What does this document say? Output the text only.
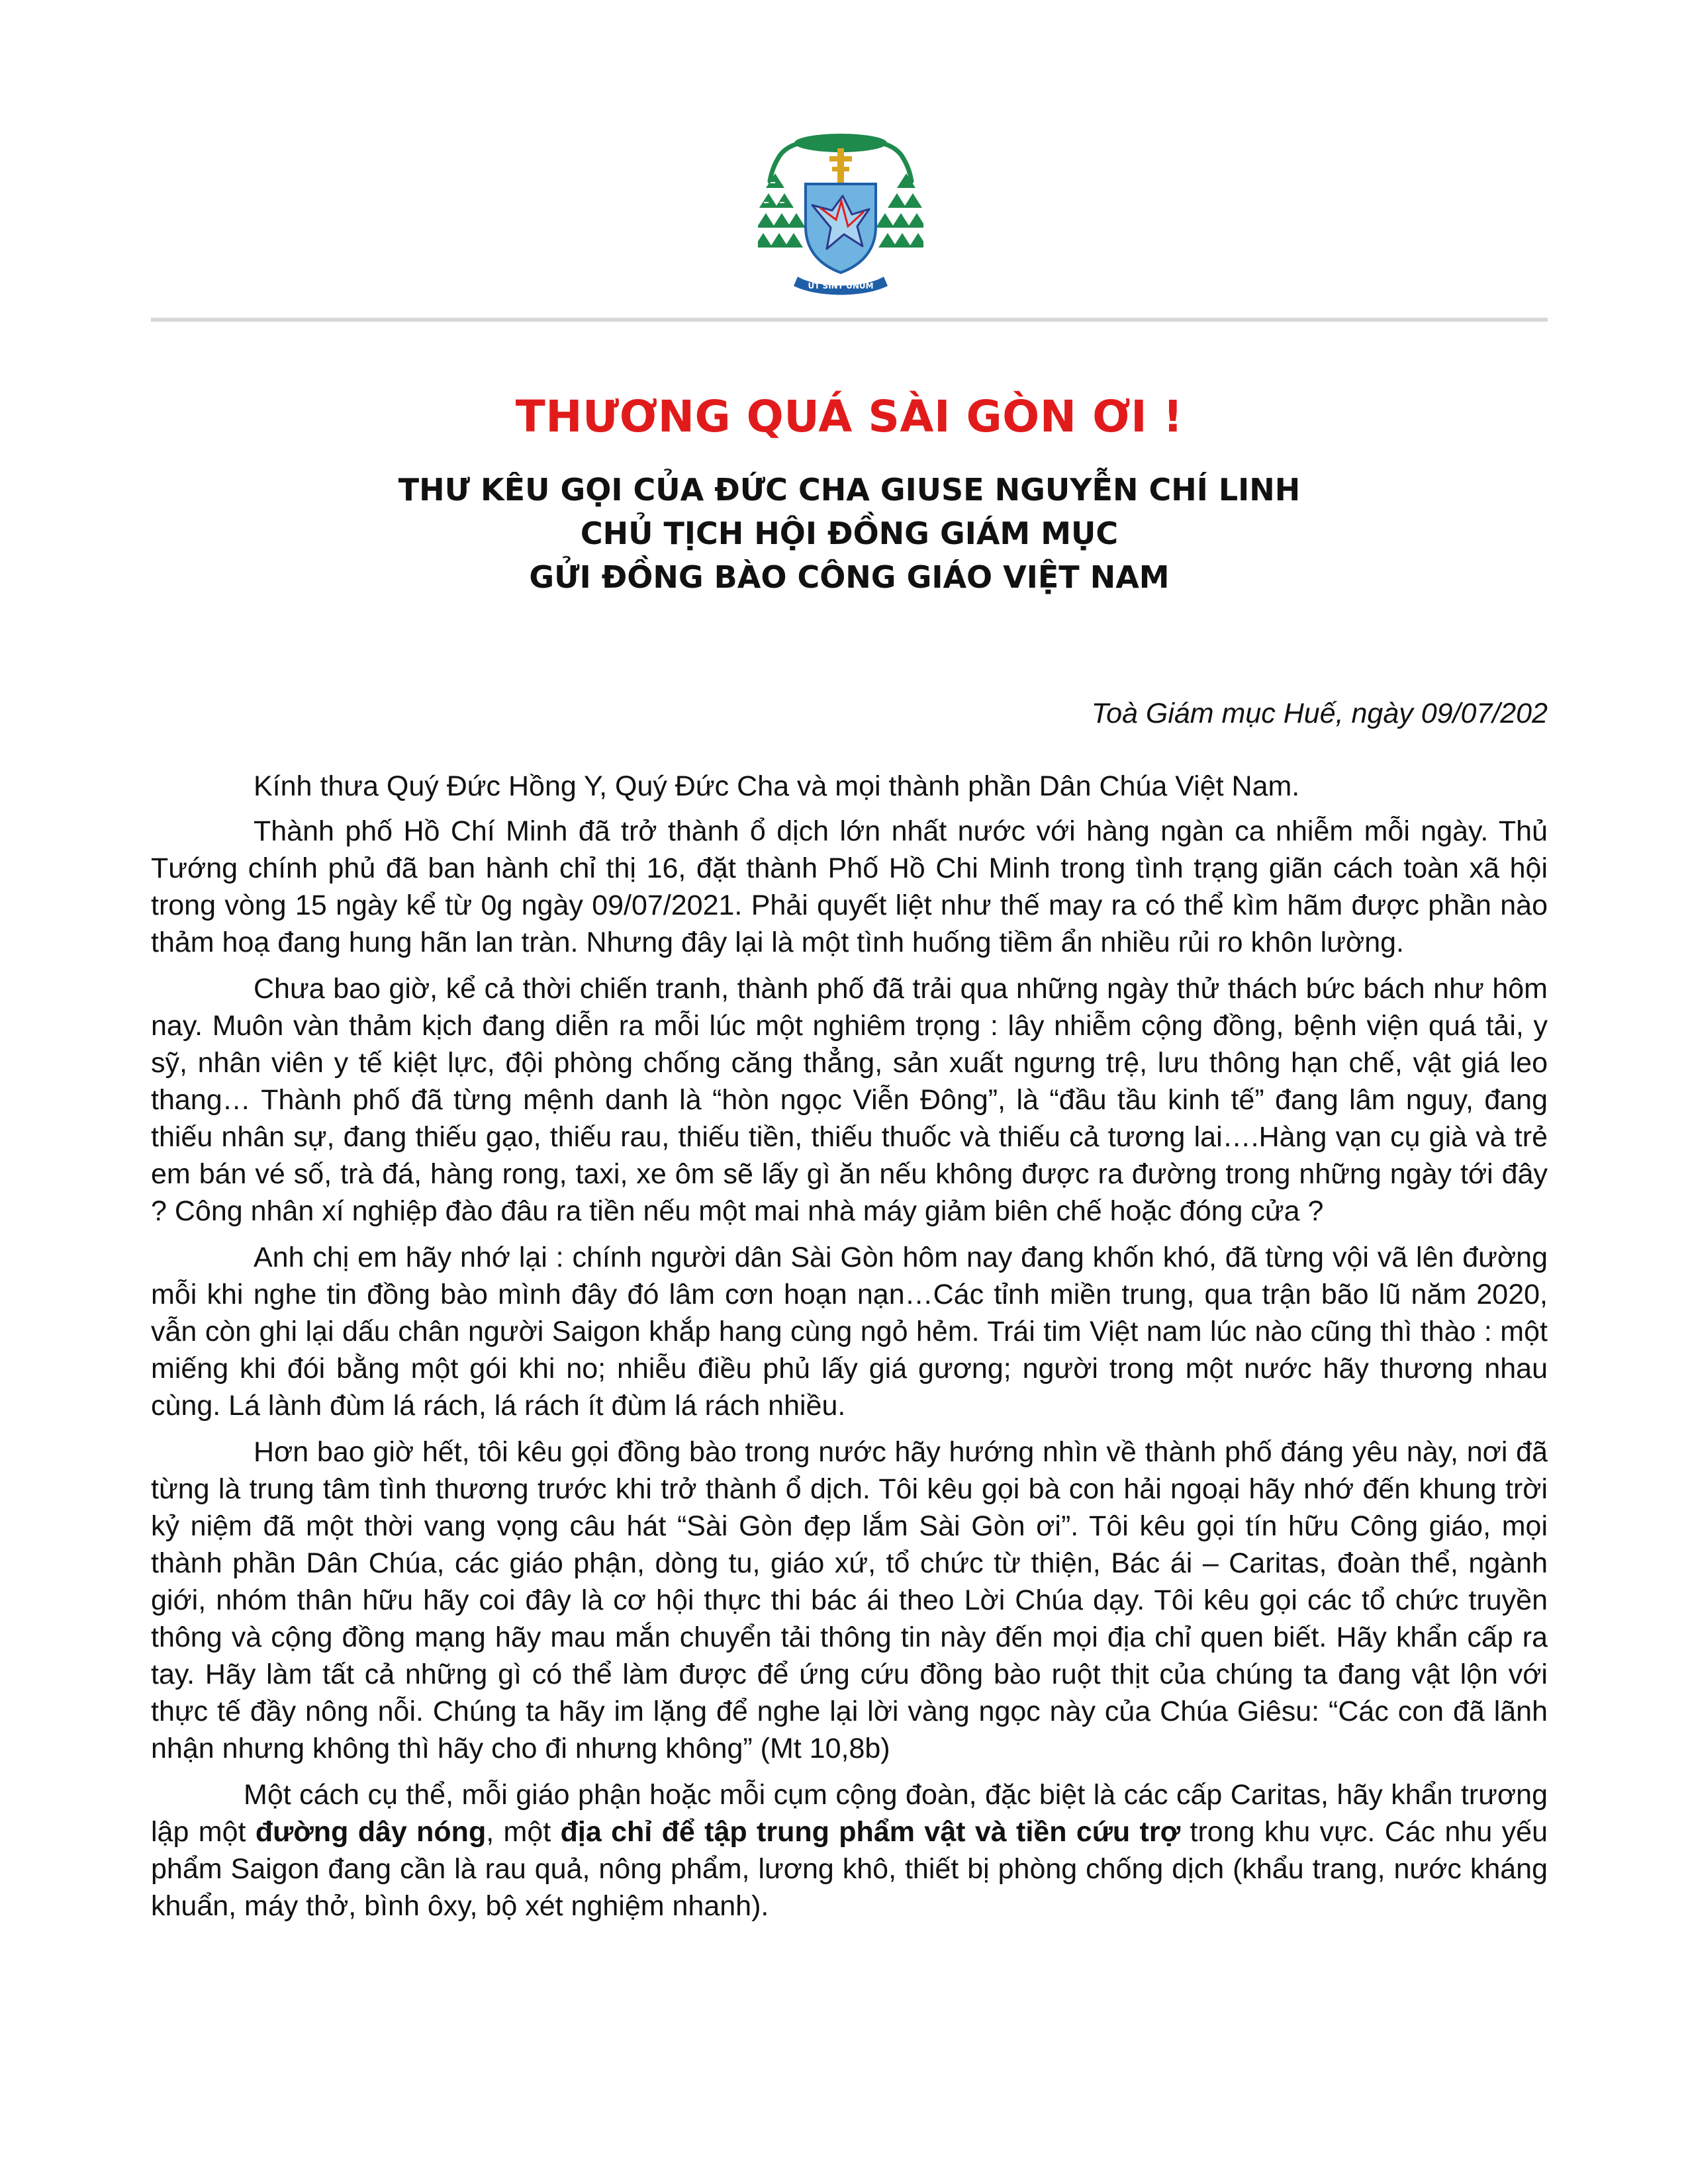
UT SINT UNUM
THƯƠNG QUÁ SÀI GÒN ƠI !

THƯ KÊU GỌI CỦA ĐỨC CHA GIUSE NGUYỄN CHÍ LINH

CHỦ TỊCH HỘI ĐỒNG GIÁM MỤC

GỬI ĐỒNG BÀO CÔNG GIÁO VIỆT NAM

Toà Giám mục Huế, ngày 09/07/202

Kính thưa Quý Đức Hồng Y, Quý Đức Cha và mọi thành phần Dân Chúa Việt Nam.

Thành phố Hồ Chí Minh đã trở thành ổ dịch lớn nhất nước với hàng ngàn ca nhiễm mỗi ngày. Thủ Tướng chính phủ đã ban hành chỉ thị 16, đặt thành Phố Hồ Chi Minh trong tình trạng giãn cách toàn xã hội trong vòng 15 ngày kể từ 0g ngày 09/07/2021. Phải quyết liệt như thế may ra có thể kìm hãm được phần nào thảm hoạ đang hung hãn lan tràn. Nhưng đây lại là một tình huống tiềm ẩn nhiều rủi ro khôn lường.

Chưa bao giờ, kể cả thời chiến tranh, thành phố đã trải qua những ngày thử thách bức bách như hôm nay. Muôn vàn thảm kịch đang diễn ra mỗi lúc một nghiêm trọng : lây nhiễm cộng đồng, bệnh viện quá tải, y sỹ, nhân viên y tế kiệt lực, đội phòng chống căng thẳng, sản xuất ngưng trệ, lưu thông hạn chế, vật giá leo thang… Thành phố đã từng mệnh danh là “hòn ngọc Viễn Đông”, là “đầu tầu kinh tế” đang lâm nguy, đang thiếu nhân sự, đang thiếu gạo, thiếu rau, thiếu tiền, thiếu thuốc và thiếu cả tương lai….Hàng vạn cụ già và trẻ em bán vé số, trà đá, hàng rong, taxi, xe ôm sẽ lấy gì ăn nếu không được ra đường trong những ngày tới đây ? Công nhân xí nghiệp đào đâu ra tiền nếu một mai nhà máy giảm biên chế hoặc đóng cửa ?

Anh chị em hãy nhớ lại : chính người dân Sài Gòn hôm nay đang khốn khó, đã từng vội vã lên đường mỗi khi nghe tin đồng bào mình đây đó lâm cơn hoạn nạn…Các tỉnh miền trung, qua trận bão lũ năm 2020, vẫn còn ghi lại dấu chân người Saigon khắp hang cùng ngỏ hẻm. Trái tim Việt nam lúc nào cũng thì thào : một miếng khi đói bằng một gói khi no; nhiễu điều phủ lấy giá gương; người trong một nước hãy thương nhau cùng. Lá lành đùm lá rách, lá rách ít đùm lá rách nhiều.

Hơn bao giờ hết, tôi kêu gọi đồng bào trong nước hãy hướng nhìn về thành phố đáng yêu này, nơi đã từng là trung tâm tình thương trước khi trở thành ổ dịch. Tôi kêu gọi bà con hải ngoại hãy nhớ đến khung trời kỷ niệm đã một thời vang vọng câu hát “Sài Gòn đẹp lắm Sài Gòn ơi”. Tôi kêu gọi tín hữu Công giáo, mọi thành phần Dân Chúa, các giáo phận, dòng tu, giáo xứ, tổ chức từ thiện, Bác ái – Caritas, đoàn thể, ngành giới, nhóm thân hữu hãy coi đây là cơ hội thực thi bác ái theo Lời Chúa dạy. Tôi kêu gọi các tổ chức truyền thông và cộng đồng mạng hãy mau mắn chuyển tải thông tin này đến mọi địa chỉ quen biết. Hãy khẩn cấp ra tay. Hãy làm tất cả những gì có thể làm được để ứng cứu đồng bào ruột thịt của chúng ta đang vật lộn với thực tế đầy nông nỗi. Chúng ta hãy im lặng để nghe lại lời vàng ngọc này của Chúa Giêsu: “Các con đã lãnh nhận nhưng không thì hãy cho đi nhưng không” (Mt 10,8b)

Một cách cụ thể, mỗi giáo phận hoặc mỗi cụm cộng đoàn, đặc biệt là các cấp Caritas, hãy khẩn trương lập một đường dây nóng, một địa chỉ để tập trung phẩm vật và tiền cứu trợ trong khu vực. Các nhu yếu phẩm Saigon đang cần là rau quả, nông phẩm, lương khô, thiết bị phòng chống dịch (khẩu trang, nước kháng khuẩn, máy thở, bình ôxy, bộ xét nghiệm nhanh).
